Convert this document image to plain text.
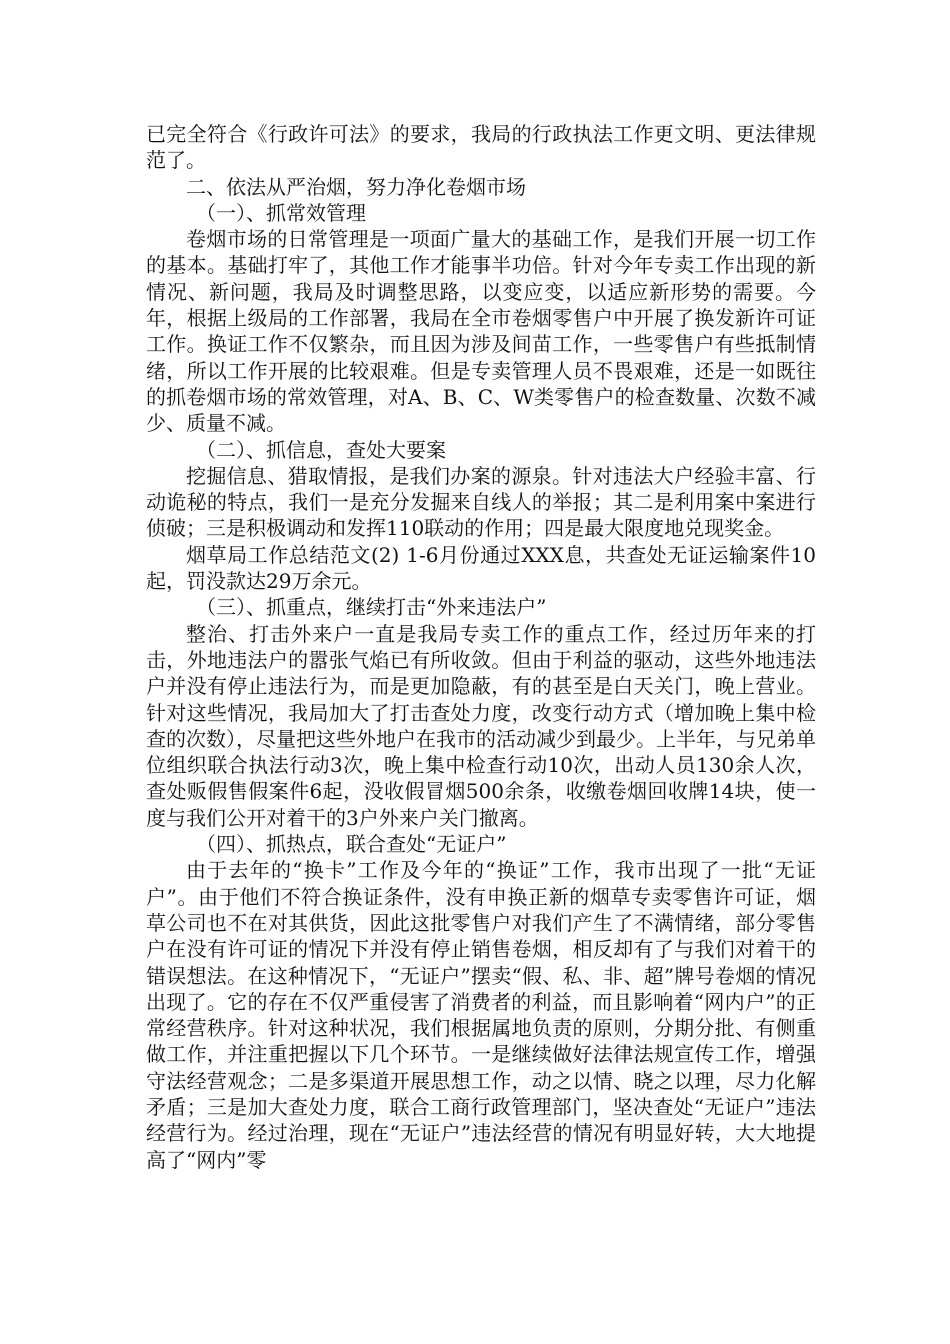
已完全符合《行政许可法》的要求，我局的行政执法工作更文明、更法律规范了。

二、依法从严治烟，努力净化卷烟市场

（一）、抓常效管理

卷烟市场的日常管理是一项面广量大的基础工作，是我们开展一切工作的基本。基础打牢了，其他工作才能事半功倍。针对今年专卖工作出现的新情况、新问题，我局及时调整思路，以变应变，以适应新形势的需要。今年，根据上级局的工作部署，我局在全市卷烟零售户中开展了换发新许可证工作。换证工作不仅繁杂，而且因为涉及间苗工作，一些零售户有些抵制情绪，所以工作开展的比较艰难。但是专卖管理人员不畏艰难，还是一如既往的抓卷烟市场的常效管理，对A、B、C、W类零售户的检查数量、次数不减少、质量不减。

（二）、抓信息，查处大要案

挖掘信息、猎取情报，是我们办案的源泉。针对违法大户经验丰富、行动诡秘的特点，我们一是充分发掘来自线人的举报；其二是利用案中案进行侦破；三是积极调动和发挥110联动的作用；四是最大限度地兑现奖金。

烟草局工作总结范文(2) 1-6月份通过XXX息，共查处无证运输案件10起，罚没款达29万余元。

（三）、抓重点，继续打击“外来违法户”

整治、打击外来户一直是我局专卖工作的重点工作，经过历年来的打击，外地违法户的嚣张气焰已有所收敛。但由于利益的驱动，这些外地违法户并没有停止违法行为，而是更加隐蔽，有的甚至是白天关门，晚上营业。针对这些情况，我局加大了打击查处力度，改变行动方式（增加晚上集中检查的次数），尽量把这些外地户在我市的活动减少到最少。上半年，与兄弟单位组织联合执法行动3次，晚上集中检查行动10次，出动人员130余人次，查处贩假售假案件6起，没收假冒烟500余条，收缴卷烟回收牌14块，使一度与我们公开对着干的3户外来户关门撤离。

（四）、抓热点，联合查处“无证户”

由于去年的“换卡”工作及今年的“换证”工作，我市出现了一批“无证户”。由于他们不符合换证条件，没有申换正新的烟草专卖零售许可证，烟草公司也不在对其供货，因此这批零售户对我们产生了不满情绪，部分零售户在没有许可证的情况下并没有停止销售卷烟，相反却有了与我们对着干的错误想法。在这种情况下，“无证户”摆卖“假、私、非、超”牌号卷烟的情况出现了。它的存在不仅严重侵害了消费者的利益，而且影响着“网内户”的正常经营秩序。针对这种状况，我们根据属地负责的原则，分期分批、有侧重做工作，并注重把握以下几个环节。一是继续做好法律法规宣传工作，增强守法经营观念；二是多渠道开展思想工作，动之以情、晓之以理，尽力化解矛盾；三是加大查处力度，联合工商行政管理部门，坚决查处“无证户”违法经营行为。经过治理，现在“无证户”违法经营的情况有明显好转，大大地提高了“网内”零
